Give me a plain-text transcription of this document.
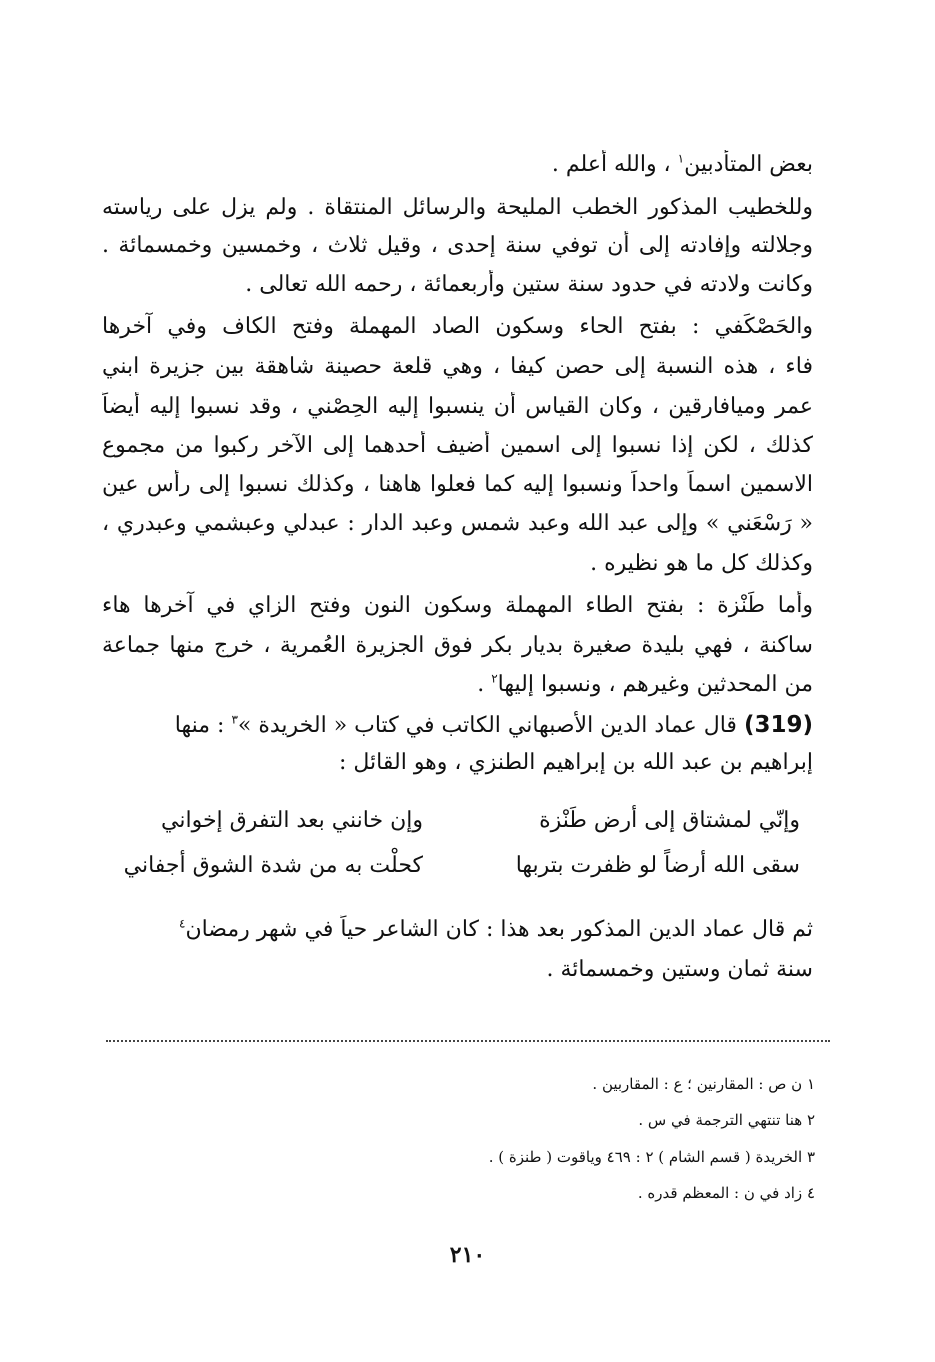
بعض المتأدبين$^١$ ، والله أعلم .
وللخطيب المذكور الخطب المليحة والرسائل المنتقاة . ولم يزل على رياسته
وجلالته وإفادته إلى أن توفي سنة إحدى ، وقيل ثلاث ، وخمسين وخمسمائة .
وكانت ولادته في حدود سنة ستين وأربعمائة ، رحمه الله تعالى .
والحَصْكَفي : بفتح الحاء وسكون الصاد المهملة وفتح الكاف وفي آخرها
فاء ، هذه النسبة إلى حصن كيفا ، وهي قلعة حصينة شاهقة بين جزيرة ابني
عمر وميافارقين ، وكان القياس أن ينسبوا إليه الحِصْني ، وقد نسبوا إليه أيضاً
كذلك ، لكن إذا نسبوا إلى اسمين أضيف أحدهما إلى الآخر ركبوا من مجموع
الاسمين اسماً واحداً ونسبوا إليه كما فعلوا هاهنا ، وكذلك نسبوا إلى رأس عين
« رَسْعَني » وإلى عبد الله وعبد شمس وعبد الدار : عبدلي وعبشمي وعبدري ،
وكذلك كل ما هو نظيره .
وأما طَنْزة : بفتح الطاء المهملة وسكون النون وفتح الزاي في آخرها هاء
ساكنة ، فهي بليدة صغيرة بديار بكر فوق الجزيرة العُمرية ، خرج منها جماعة
من المحدثين وغيرهم ، ونسبوا إليها$^٢$ .
(319) قال عماد الدين الأصبهاني الكاتب في كتاب « الخريدة »$^٣$ : منها
إبراهيم بن عبد الله بن إبراهيم الطنزي ، وهو القائل :
وإنّي لمشتاق إلى أرض طَنْزة
وإن خانني بعد التفرق إخواني
سقى الله أرضاً لو ظفرت بتربها
كحلْت به من شدة الشوق أجفاني
ثم قال عماد الدين المذكور بعد هذا : كان الشاعر حياً في شهر رمضان$^٤$
سنة ثمان وستين وخمسمائة .
١ ن ص : المقارنين ؛ ع : المقاربين .
٢ هنا تنتهي الترجمة في س .
٣ الخريدة ( قسم الشام ) ٢ : ٤٦٩ وياقوت ( طنزة ) .
٤ زاد في ن : المعظم قدره .
٢١٠
